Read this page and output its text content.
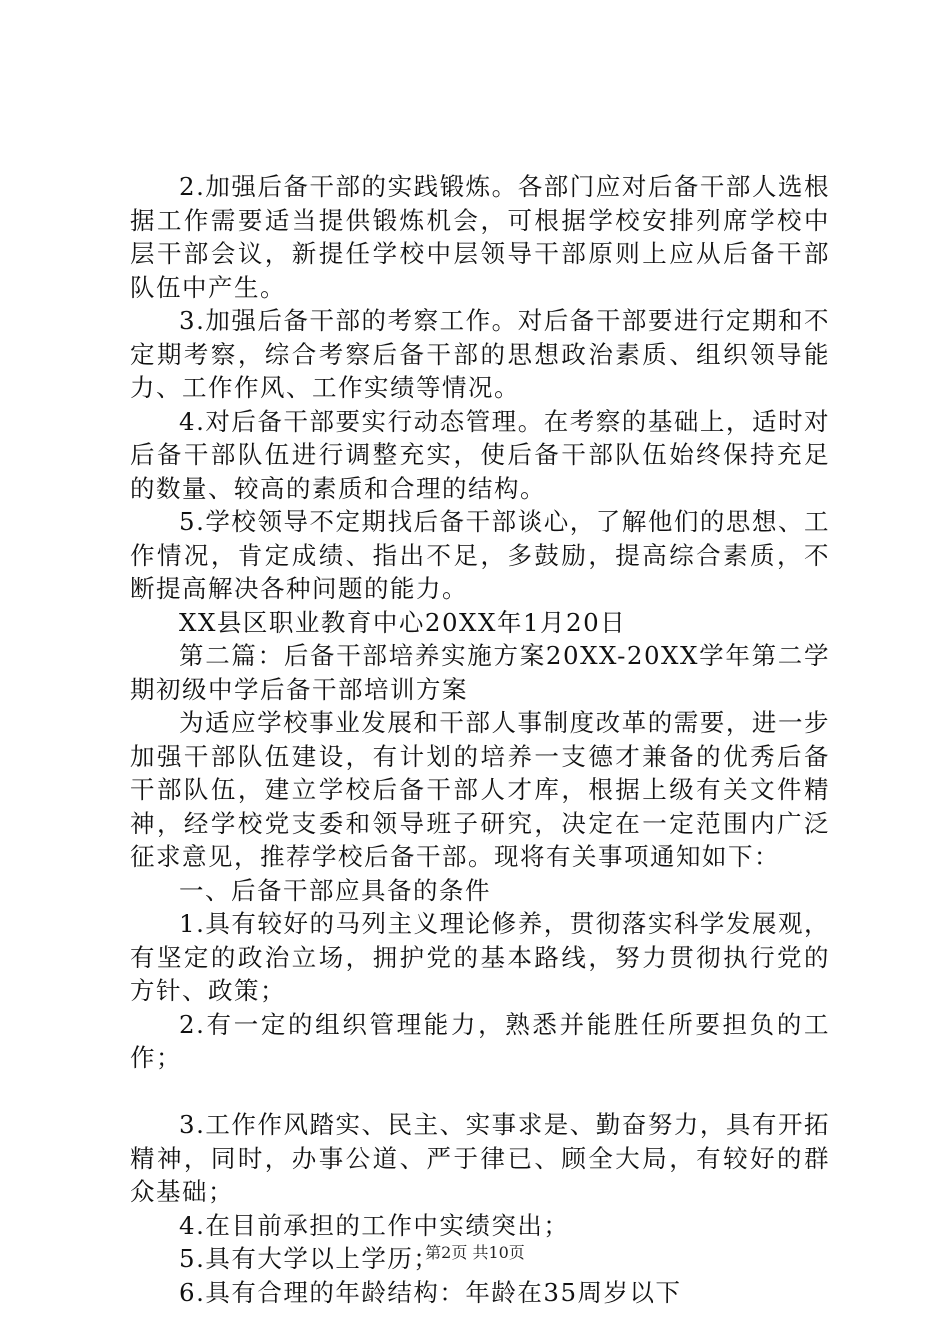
2.加强后备干部的实践锻炼。各部门应对后备干部人选根据工作需要适当提供锻炼机会，可根据学校安排列席学校中层干部会议，新提任学校中层领导干部原则上应从后备干部队伍中产生。

3.加强后备干部的考察工作。对后备干部要进行定期和不定期考察，综合考察后备干部的思想政治素质、组织领导能力、工作作风、工作实绩等情况。

4.对后备干部要实行动态管理。在考察的基础上，适时对后备干部队伍进行调整充实，使后备干部队伍始终保持充足的数量、较高的素质和合理的结构。

5.学校领导不定期找后备干部谈心，了解他们的思想、工作情况，肯定成绩、指出不足，多鼓励，提高综合素质，不断提高解决各种问题的能力。

XX县区职业教育中心20XX年1月20日

第二篇：后备干部培养实施方案20XX-20XX学年第二学期初级中学后备干部培训方案

为适应学校事业发展和干部人事制度改革的需要，进一步加强干部队伍建设，有计划的培养一支德才兼备的优秀后备干部队伍，建立学校后备干部人才库，根据上级有关文件精神，经学校党支委和领导班子研究，决定在一定范围内广泛征求意见，推荐学校后备干部。现将有关事项通知如下：

一、后备干部应具备的条件

1.具有较好的马列主义理论修养，贯彻落实科学发展观，有坚定的政治立场，拥护党的基本路线，努力贯彻执行党的方针、政策；

2.有一定的组织管理能力，熟悉并能胜任所要担负的工作；

3.工作作风踏实、民主、实事求是、勤奋努力，具有开拓精神，同时，办事公道、严于律已、顾全大局，有较好的群众基础；

4.在目前承担的工作中实绩突出；

5.具有大学以上学历；

6.具有合理的年龄结构：年龄在35周岁以下

第2页 共10页
